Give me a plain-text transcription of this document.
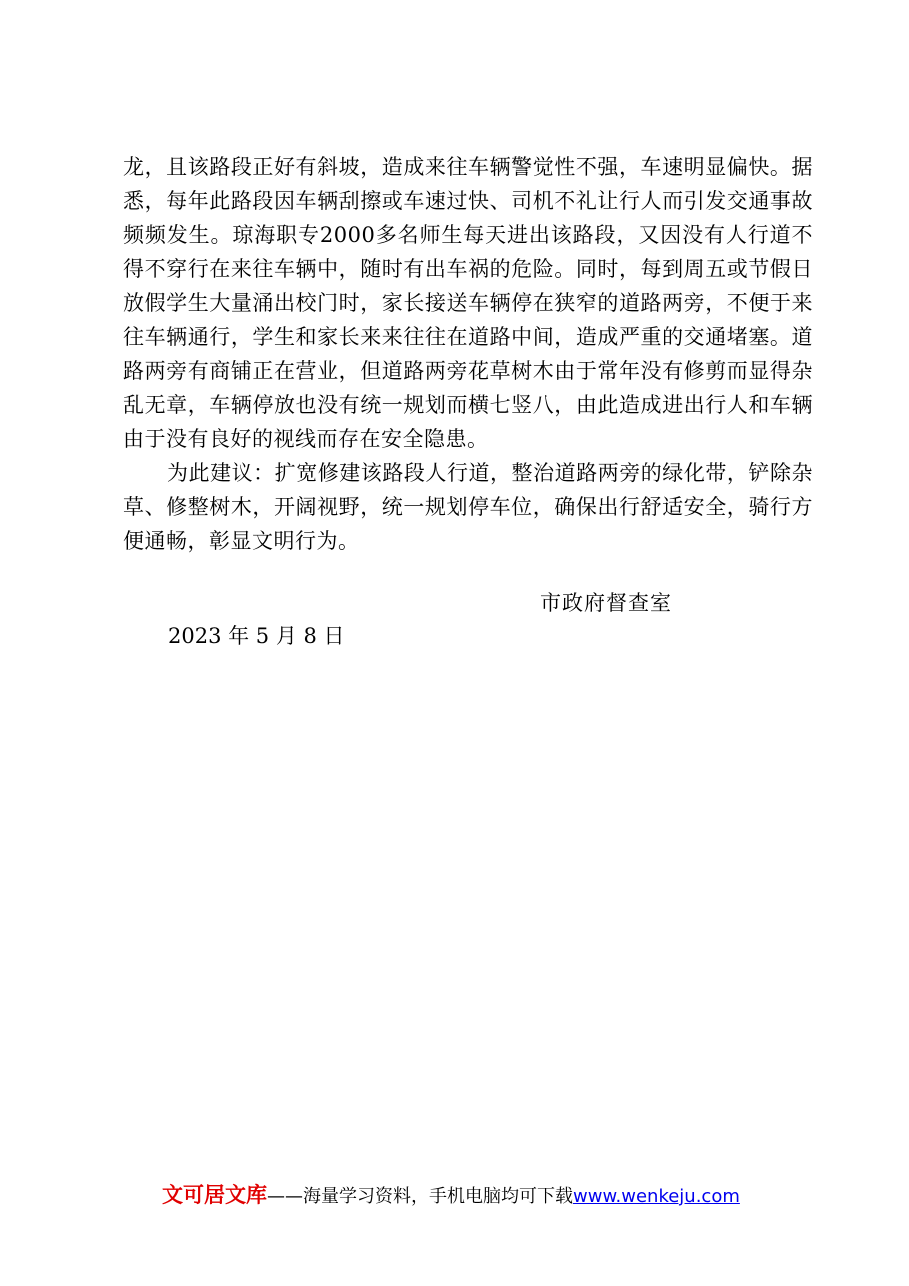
龙，且该路段正好有斜坡，造成来往车辆警觉性不强，车速明显偏快。据悉，每年此路段因车辆刮擦或车速过快、司机不礼让行人而引发交通事故频频发生。琼海职专2000多名师生每天进出该路段，又因没有人行道不得不穿行在来往车辆中，随时有出车祸的危险。同时，每到周五或节假日放假学生大量涌出校门时，家长接送车辆停在狭窄的道路两旁，不便于来往车辆通行，学生和家长来来往往在道路中间，造成严重的交通堵塞。道路两旁有商铺正在营业，但道路两旁花草树木由于常年没有修剪而显得杂乱无章，车辆停放也没有统一规划而横七竖八，由此造成进出行人和车辆由于没有良好的视线而存在安全隐患。

为此建议：扩宽修建该路段人行道，整治道路两旁的绿化带，铲除杂草、修整树木，开阔视野，统一规划停车位，确保出行舒适安全，骑行方便通畅，彰显文明行为。

市政府督查室
2023 年 5 月 8 日
文可居文库——海量学习资料，手机电脑均可下载www.wenkeju.com
